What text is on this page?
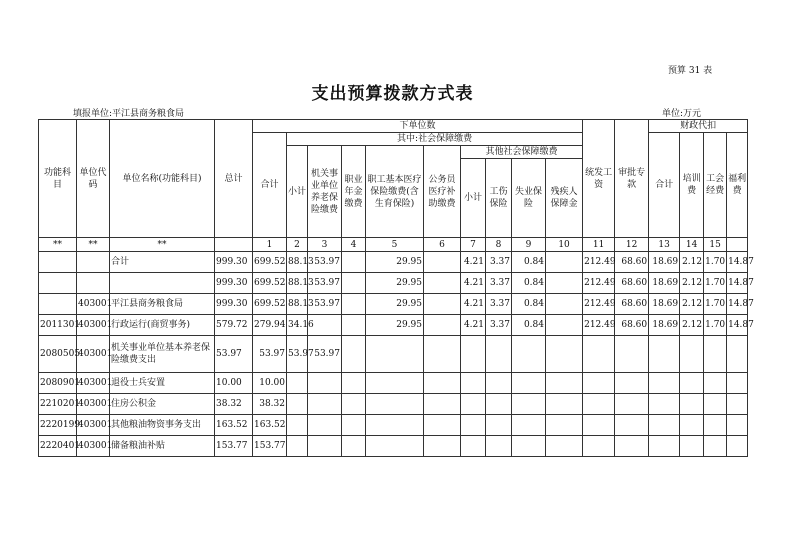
预算 31 表
支出预算拨款方式表
填报单位:平江县商务粮食局	单位:万元
功能科目	单位代码	单位名称(功能科目)	总计	下单位数										统发工资	审批专款	财政代扣			
				合计	其中:社会保障缴费											合计	培训费	工会经费	福利费
					小计	机关事业单位养老保险缴费	职业年金缴费	职工基本医疗保险缴费(含生育保险)	公务员医疗补助缴费	其他社会保障缴费									
										小计	工伤保险	失业保险	残疾人保障金						
**	**	**		1	2	3	4	5	6	7	8	9	10	11	12	13	14	15	
		合计	999.30	699.52	88.13	53.97		29.95		4.21	3.37	0.84		212.49	68.60	18.69	2.12	1.70	14.87
			999.30	699.52	88.13	53.97		29.95		4.21	3.37	0.84		212.49	68.60	18.69	2.12	1.70	14.87
	403001	平江县商务粮食局	999.30	699.52	88.13	53.97		29.95		4.21	3.37	0.84		212.49	68.60	18.69	2.12	1.70	14.87
2011301	403001	行政运行(商贸事务)	579.72	279.94	34.16			29.95		4.21	3.37	0.84		212.49	68.60	18.69	2.12	1.70	14.87
2080505	403001	机关事业单位基本养老保险缴费支出	53.97	53.97	53.97	53.97													
2080901	403001	退役士兵安置	10.00	10.00															
2210201	403001	住房公积金	38.32	38.32															
2220199	403001	其他粮油物资事务支出	163.52	163.52															
2220401	403001	储备粮油补贴	153.77	153.77															
